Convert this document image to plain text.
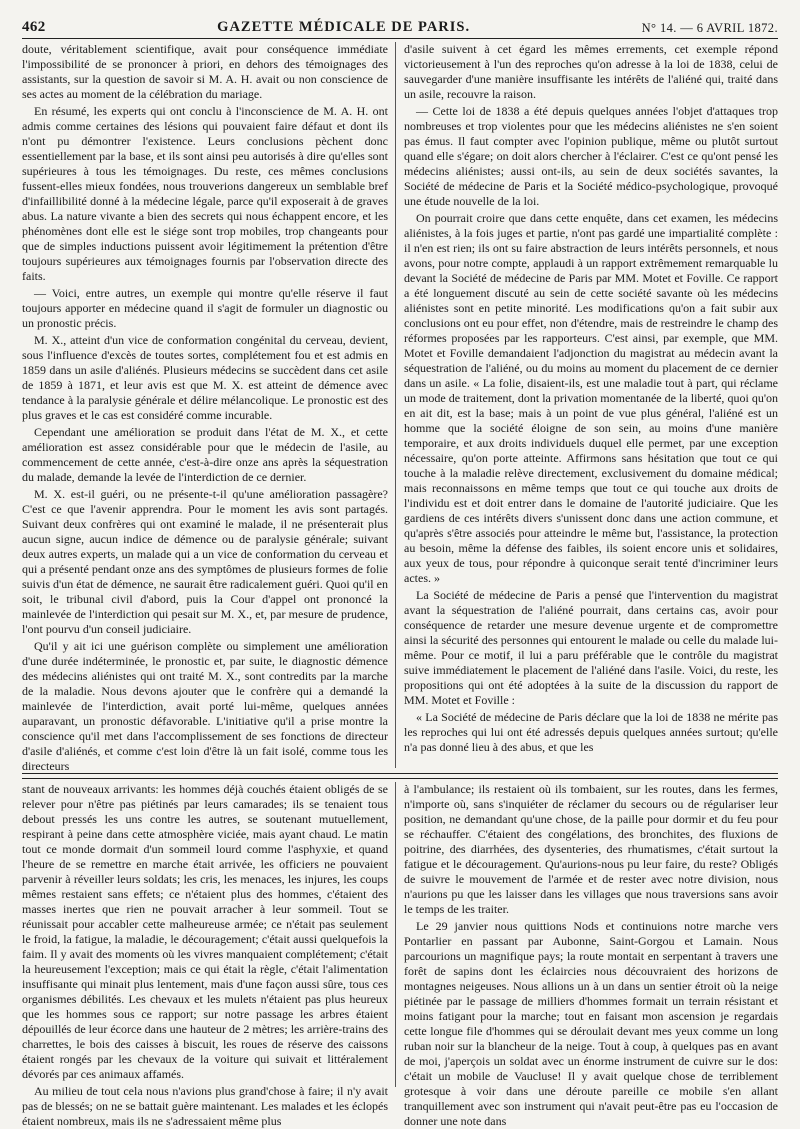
462	GAZETTE MÉDICALE DE PARIS.	N° 14. — 6 AVRIL 1872.

doute, véritablement scientifique, avait pour conséquence immédiate l'impossibilité de se prononcer à priori, en dehors des témoignages des assistants, sur la question de savoir si M. A. H. avait ou non conscience de ses actes au moment de la célébration du mariage.

En résumé, les experts qui ont conclu à l'inconscience de M. A. H. ont admis comme certaines des lésions qui pouvaient faire défaut et dont ils n'ont pu démontrer l'existence. Leurs conclusions pèchent donc essentiellement par la base, et ils sont ainsi peu autorisés à dire qu'elles sont supérieures à tous les témoignages. Du reste, ces mêmes conclusions fussent-elles mieux fondées, nous trouverions dangereux un semblable bref d'infaillibilité donné à la médecine légale, parce qu'il exposerait à de graves abus. La nature vivante a bien des secrets qui nous échappent encore, et les phénomènes dont elle est le siége sont trop mobiles, trop changeants pour que de simples inductions puissent avoir légitimement la prétention d'être toujours supérieures aux témoignages fournis par l'observation directe des faits.

— Voici, entre autres, un exemple qui montre qu'elle réserve il faut toujours apporter en médecine quand il s'agit de formuler un diagnostic ou un pronostic précis.

M. X., atteint d'un vice de conformation congénital du cerveau, devient, sous l'influence d'excès de toutes sortes, complétement fou et est admis en 1859 dans un asile d'aliénés. Plusieurs médecins se succèdent dans cet asile de 1859 à 1871, et leur avis est que M. X. est atteint de démence avec tendance à la paralysie générale et délire mélancolique. Le pronostic est des plus graves et le cas est considéré comme incurable.

Cependant une amélioration se produit dans l'état de M. X., et cette amélioration est assez considérable pour que le médecin de l'asile, au commencement de cette année, c'est-à-dire onze ans après la séquestration du malade, demande la levée de l'interdiction de ce dernier.

M. X. est-il guéri, ou ne présente-t-il qu'une amélioration passagère? C'est ce que l'avenir apprendra. Pour le moment les avis sont partagés. Suivant deux confrères qui ont examiné le malade, il ne présenterait plus aucun signe, aucun indice de démence ou de paralysie générale; suivant deux autres experts, un malade qui a un vice de conformation du cerveau et qui a présenté pendant onze ans des symptômes de plusieurs formes de folie suivis d'un état de démence, ne saurait être radicalement guéri. Quoi qu'il en soit, le tribunal civil d'abord, puis la Cour d'appel ont prononcé la mainlevée de l'interdiction qui pesait sur M. X., et, par mesure de prudence, l'ont pourvu d'un conseil judiciaire.

Qu'il y ait ici une guérison complète ou simplement une amélioration d'une durée indéterminée, le pronostic et, par suite, le diagnostic démence des médecins aliénistes qui ont traité M. X., sont contredits par la marche de la maladie. Nous devons ajouter que le confrère qui a demandé la mainlevée de l'interdiction, avait porté lui-même, quelques années auparavant, un pronostic défavorable. L'initiative qu'il a prise montre la conscience qu'il met dans l'accomplissement de ses fonctions de directeur d'asile d'aliénés, et comme c'est loin d'être là un fait isolé, comme tous les directeurs

d'asile suivent à cet égard les mêmes errements, cet exemple répond victorieusement à l'un des reproches qu'on adresse à la loi de 1838, celui de sauvegarder d'une manière insuffisante les intérêts de l'aliéné qui, traité dans un asile, recouvre la raison.

— Cette loi de 1838 a été depuis quelques années l'objet d'attaques trop nombreuses et trop violentes pour que les médecins aliénistes ne s'en soient pas émus. Il faut compter avec l'opinion publique, même ou plutôt surtout quand elle s'égare; on doit alors chercher à l'éclairer. C'est ce qu'ont pensé les médecins aliénistes; aussi ont-ils, au sein de deux sociétés savantes, la Société de médecine de Paris et la Société médico-psychologique, provoqué une étude nouvelle de la loi.

On pourrait croire que dans cette enquête, dans cet examen, les médecins aliénistes, à la fois juges et partie, n'ont pas gardé une impartialité complète : il n'en est rien; ils ont su faire abstraction de leurs intérêts personnels, et nous avons, pour notre compte, applaudi à un rapport extrêmement remarquable lu devant la Société de médecine de Paris par MM. Motet et Foville. Ce rapport a été longuement discuté au sein de cette société savante où les médecins aliénistes sont en petite minorité. Les modifications qu'on a fait subir aux conclusions ont eu pour effet, non d'étendre, mais de restreindre le champ des réformes proposées par les rapporteurs. C'est ainsi, par exemple, que MM. Motet et Foville demandaient l'adjonction du magistrat au médecin avant la séquestration de l'aliéné, ou du moins au moment du placement de ce dernier dans un asile. « La folie, disaient-ils, est une maladie tout à part, qui réclame un mode de traitement, dont la privation momentanée de la liberté, quoi qu'on en ait dit, est la base; mais à un point de vue plus général, l'aliéné est un homme que la société éloigne de son sein, au moins d'une manière temporaire, et aux droits individuels duquel elle permet, par une exception nécessaire, qu'on porte atteinte. Affirmons sans hésitation que tout ce qui touche à la maladie relève directement, exclusivement du domaine médical; mais reconnaissons en même temps que tout ce qui touche aux droits de l'individu est et doit entrer dans le domaine de l'autorité judiciaire. Que les gardiens de ces intérêts divers s'unissent donc dans une action commune, et qu'après s'être associés pour atteindre le même but, l'assistance, la protection au besoin, même la défense des faibles, ils soient encore unis et solidaires, aux yeux de tous, pour répondre à quiconque serait tenté d'incriminer leurs actes. »

La Société de médecine de Paris a pensé que l'intervention du magistrat avant la séquestration de l'aliéné pourrait, dans certains cas, avoir pour conséquence de retarder une mesure devenue urgente et de compromettre ainsi la sécurité des personnes qui entourent le malade ou celle du malade lui-même. Pour ce motif, il lui a paru préférable que le contrôle du magistrat suive immédiatement le placement de l'aliéné dans l'asile. Voici, du reste, les propositions qui ont été adoptées à la suite de la discussion du rapport de MM. Motet et Foville :

« La Société de médecine de Paris déclare que la loi de 1838 ne mérite pas les reproches qui lui ont été adressés depuis quelques années surtout; qu'elle n'a pas donné lieu à des abus, et que les

stant de nouveaux arrivants: les hommes déjà couchés étaient obligés de se relever pour n'être pas piétinés par leurs camarades; ils se tenaient tous debout pressés les uns contre les autres, se soutenant mutuellement, respirant à peine dans cette atmosphère viciée, mais ayant chaud. Le matin tout ce monde dormait d'un sommeil lourd comme l'asphyxie, et quand l'heure de se remettre en marche était arrivée, les officiers ne pouvaient parvenir à réveiller leurs soldats; les cris, les menaces, les injures, les coups mêmes restaient sans effets; ce n'étaient plus des hommes, c'étaient des masses inertes que rien ne pouvait arracher à leur sommeil. Tout se réunissait pour accabler cette malheureuse armée; ce n'était pas seulement le froid, la fatigue, la maladie, le découragement; c'était aussi quelquefois la faim. Il y avait des moments où les vivres manquaient complétement; c'était la heureusement l'exception; mais ce qui était la règle, c'était l'alimentation insuffisante qui minait plus lentement, mais d'une façon aussi sûre, tous ces organismes débilités. Les chevaux et les mulets n'étaient pas plus heureux que les hommes sous ce rapport; sur notre passage les arbres étaient dépouillés de leur écorce dans une hauteur de 2 mètres; les arrière-trains des charrettes, le bois des caisses à biscuit, les roues de réserve des caissons étaient rongés par les chevaux de la voiture qui suivait et littéralement dévorés par ces animaux affamés.

Au milieu de tout cela nous n'avions plus grand'chose à faire; il n'y avait pas de blessés; on ne se battait guère maintenant. Les malades et les éclopés étaient nombreux, mais ils ne s'adressaient même plus

à l'ambulance; ils restaient où ils tombaient, sur les routes, dans les fermes, n'importe où, sans s'inquiéter de réclamer du secours ou de régulariser leur position, ne demandant qu'une chose, de la paille pour dormir et du feu pour se réchauffer. C'étaient des congélations, des bronchites, des fluxions de poitrine, des diarrhées, des dysenteries, des rhumatismes, c'était surtout la fatigue et le découragement. Qu'aurions-nous pu leur faire, du reste? Obligés de suivre le mouvement de l'armée et de rester avec notre division, nous n'aurions pu que les laisser dans les villages que nous traversions sans avoir le temps de les traiter.

Le 29 janvier nous quittions Nods et continuions notre marche vers Pontarlier en passant par Aubonne, Saint-Gorgou et Lamain. Nous parcourions un magnifique pays; la route montait en serpentant à travers une forêt de sapins dont les éclaircies nous découvraient des horizons de montagnes neigeuses. Nous allions un à un dans un sentier étroit où la neige piétinée par le passage de milliers d'hommes formait un terrain résistant et moins fatigant pour la marche; tout en faisant mon ascension je regardais cette longue file d'hommes qui se déroulait devant mes yeux comme un long ruban noir sur la blancheur de la neige. Tout à coup, à quelques pas en avant de moi, j'aperçois un soldat avec un énorme instrument de cuivre sur le dos: c'était un mobile de Vaucluse! Il y avait quelque chose de terriblement grotesque à voir dans une déroute pareille ce mobile s'en allant tranquillement avec son instrument qui n'avait peut-être pas eu l'occasion de donner une note dans
